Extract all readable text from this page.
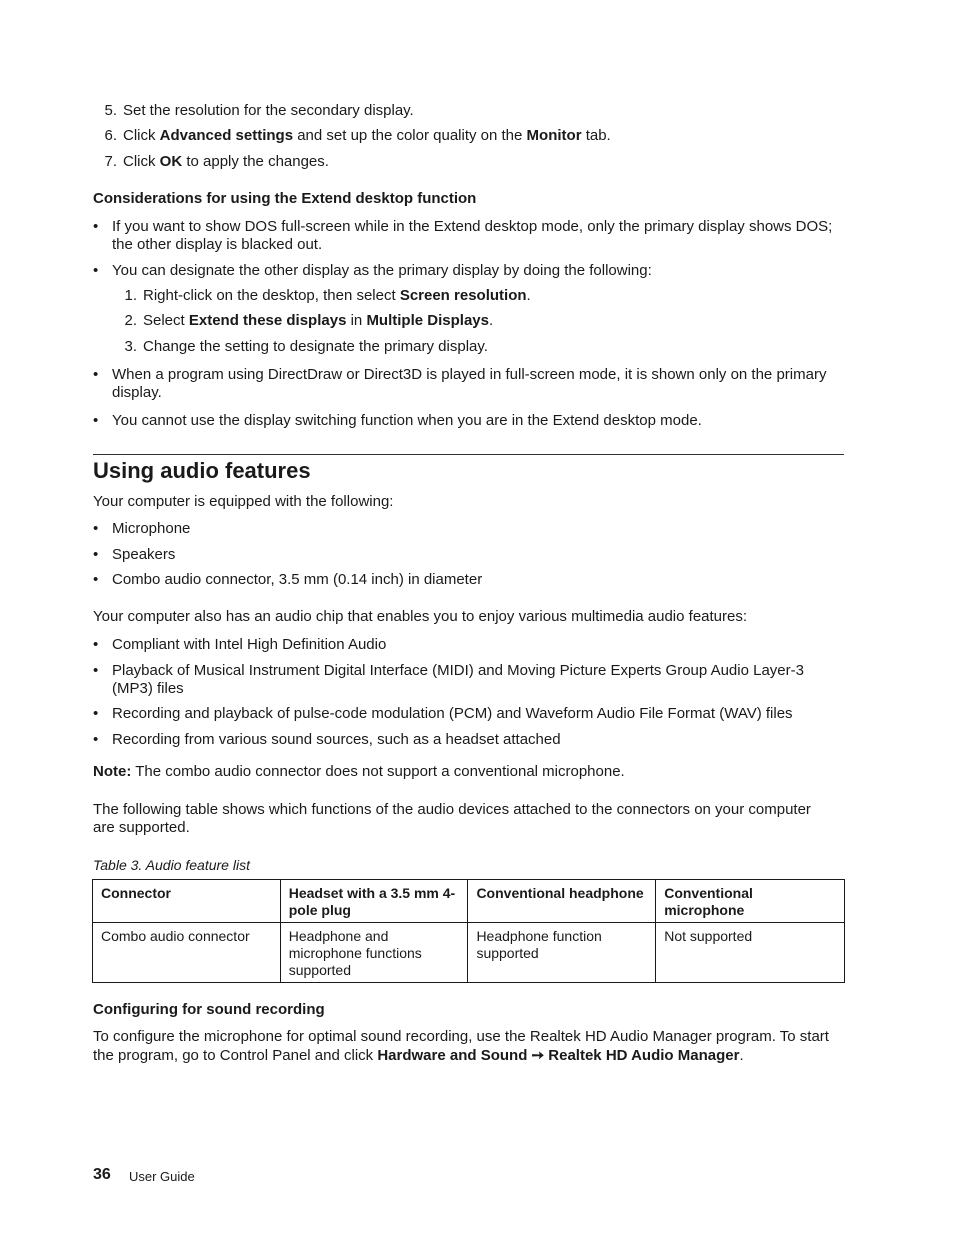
5. Set the resolution for the secondary display.
6. Click Advanced settings and set up the color quality on the Monitor tab.
7. Click OK to apply the changes.
Considerations for using the Extend desktop function
• If you want to show DOS full-screen while in the Extend desktop mode, only the primary display shows DOS; the other display is blacked out.
• You can designate the other display as the primary display by doing the following:
1. Right-click on the desktop, then select Screen resolution.
2. Select Extend these displays in Multiple Displays.
3. Change the setting to designate the primary display.
• When a program using DirectDraw or Direct3D is played in full-screen mode, it is shown only on the primary display.
• You cannot use the display switching function when you are in the Extend desktop mode.
Using audio features
Your computer is equipped with the following:
• Microphone
• Speakers
• Combo audio connector, 3.5 mm (0.14 inch) in diameter
Your computer also has an audio chip that enables you to enjoy various multimedia audio features:
• Compliant with Intel High Definition Audio
• Playback of Musical Instrument Digital Interface (MIDI) and Moving Picture Experts Group Audio Layer-3 (MP3) files
• Recording and playback of pulse-code modulation (PCM) and Waveform Audio File Format (WAV) files
• Recording from various sound sources, such as a headset attached
Note: The combo audio connector does not support a conventional microphone.
The following table shows which functions of the audio devices attached to the connectors on your computer are supported.
Table 3. Audio feature list
Connector	Headset with a 3.5 mm 4-pole plug	Conventional headphone	Conventional microphone
Combo audio connector	Headphone and microphone functions supported	Headphone function supported	Not supported
Configuring for sound recording
To configure the microphone for optimal sound recording, use the Realtek HD Audio Manager program. To start the program, go to Control Panel and click Hardware and Sound ➙ Realtek HD Audio Manager.
36 User Guide
